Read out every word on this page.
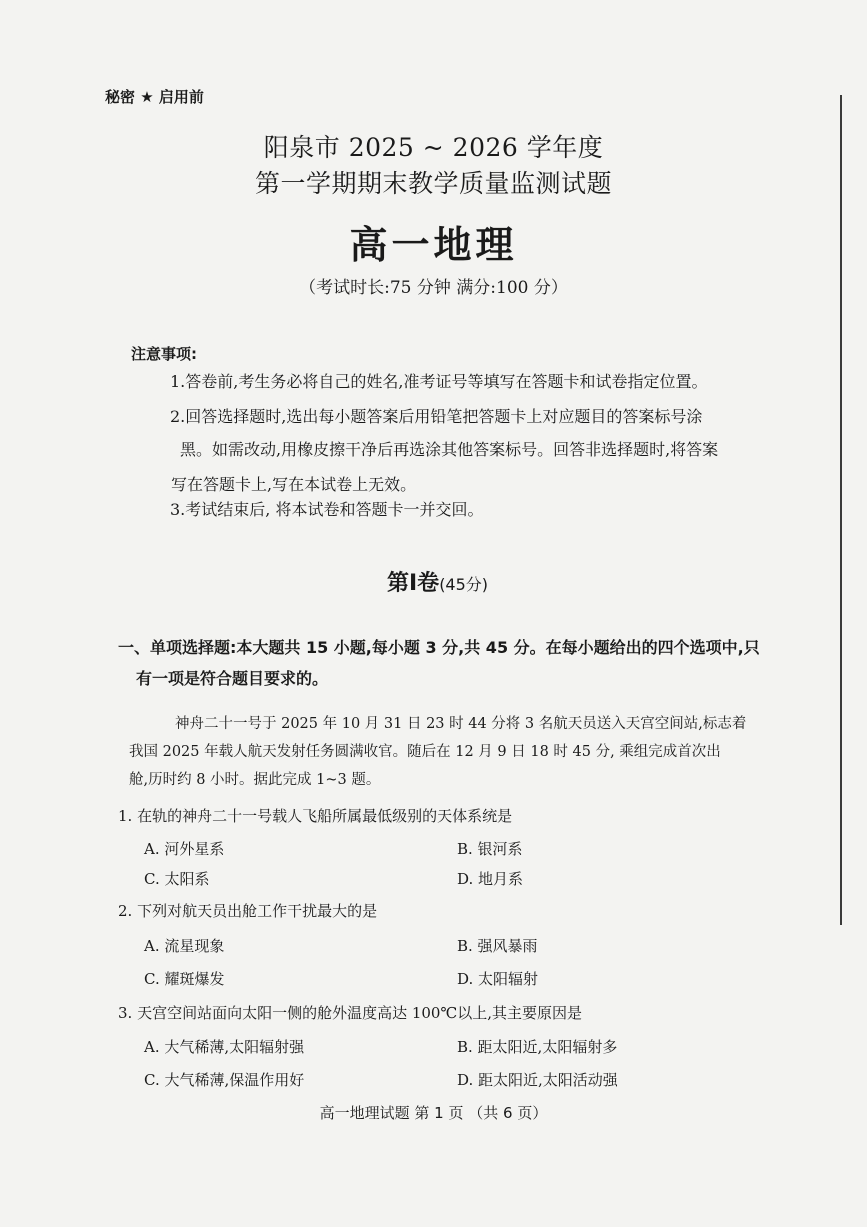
秘密 ★ 启用前
阳泉市 2025 ~ 2026 学年度
第一学期期末教学质量监测试题
高一地理
（考试时长:75 分钟 满分:100 分）
注意事项:
1.答卷前,考生务必将自己的姓名,准考证号等填写在答题卡和试卷指定位置。
2.回答选择题时,选出每小题答案后用铅笔把答题卡上对应题目的答案标号涂
黑。如需改动,用橡皮擦干净后再选涂其他答案标号。回答非选择题时,将答案
写在答题卡上,写在本试卷上无效。
3.考试结束后, 将本试卷和答题卡一并交回。
第Ⅰ卷(45分)
一、单项选择题:本大题共 15 小题,每小题 3 分,共 45 分。在每小题给出的四个选项中,只
有一项是符合题目要求的。
神舟二十一号于 2025 年 10 月 31 日 23 时 44 分将 3 名航天员送入天宫空间站,标志着
我国 2025 年载人航天发射任务圆满收官。随后在 12 月 9 日 18 时 45 分, 乘组完成首次出
舱,历时约 8 小时。据此完成 1~3 题。
1. 在轨的神舟二十一号载人飞船所属最低级别的天体系统是
A. 河外星系	B. 银河系
C. 太阳系	D. 地月系
2. 下列对航天员出舱工作干扰最大的是
A. 流星现象	B. 强风暴雨
C. 耀斑爆发	D. 太阳辐射
3. 天宫空间站面向太阳一侧的舱外温度高达 100℃以上,其主要原因是
A. 大气稀薄,太阳辐射强	B. 距太阳近,太阳辐射多
C. 大气稀薄,保温作用好	D. 距太阳近,太阳活动强
高一地理试题 第 1 页 （共 6 页）
